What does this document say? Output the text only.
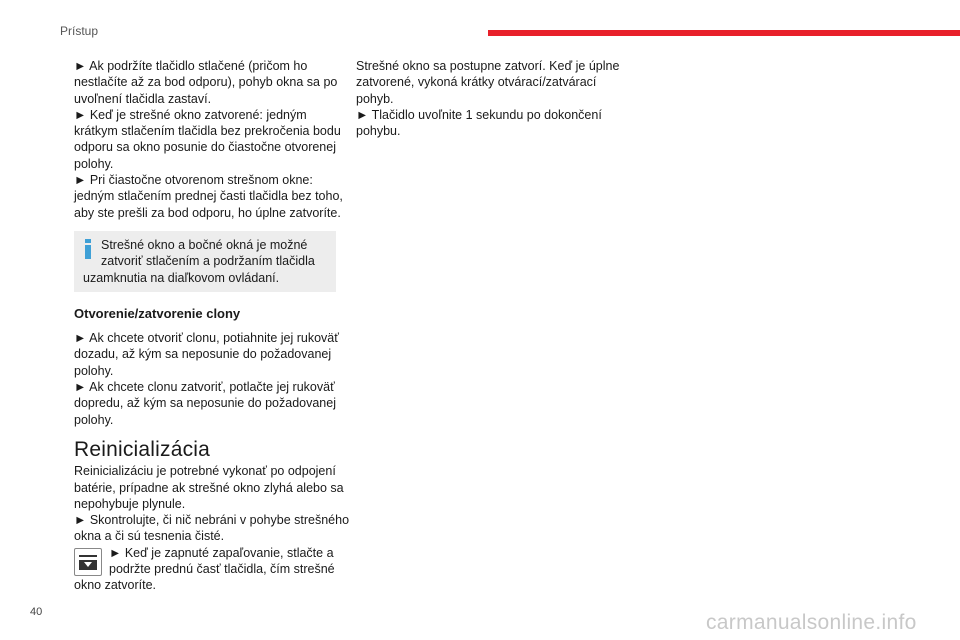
Prístup

► Ak podržíte tlačidlo stlačené (pričom ho nestlačíte až za bod odporu), pohyb okna sa po uvoľnení tlačidla zastaví.

► Keď je strešné okno zatvorené: jedným krátkym stlačením tlačidla bez prekročenia bodu odporu sa okno posunie do čiastočne otvorenej polohy.

► Pri čiastočne otvorenom strešnom okne: jedným stlačením prednej časti tlačidla bez toho, aby ste prešli za bod odporu, ho úplne zatvoríte.

Strešné okno a bočné okná je možné zatvoriť stlačením a podržaním tlačidla uzamknutia na diaľkovom ovládaní.
Otvorenie/zatvorenie clony

► Ak chcete otvoriť clonu, potiahnite jej rukoväť dozadu, až kým sa neposunie do požadovanej polohy.

► Ak chcete clonu zatvoriť, potlačte jej rukoväť dopredu, až kým sa neposunie do požadovanej polohy.

Reinicializácia

Reinicializáciu je potrebné vykonať po odpojení batérie, prípadne ak strešné okno zlyhá alebo sa nepohybuje plynule.

► Skontrolujte, či nič nebráni v pohybe strešného okna a či sú tesnenia čisté.

► Keď je zapnuté zapaľovanie, stlačte a podržte prednú časť tlačidla, čím strešné okno zatvoríte.

Strešné okno sa postupne zatvorí. Keď je úplne zatvorené, vykoná krátky otvárací/zatvárací pohyb.

► Tlačidlo uvoľnite 1 sekundu po dokončení pohybu.

40	carmanualsonline.info
